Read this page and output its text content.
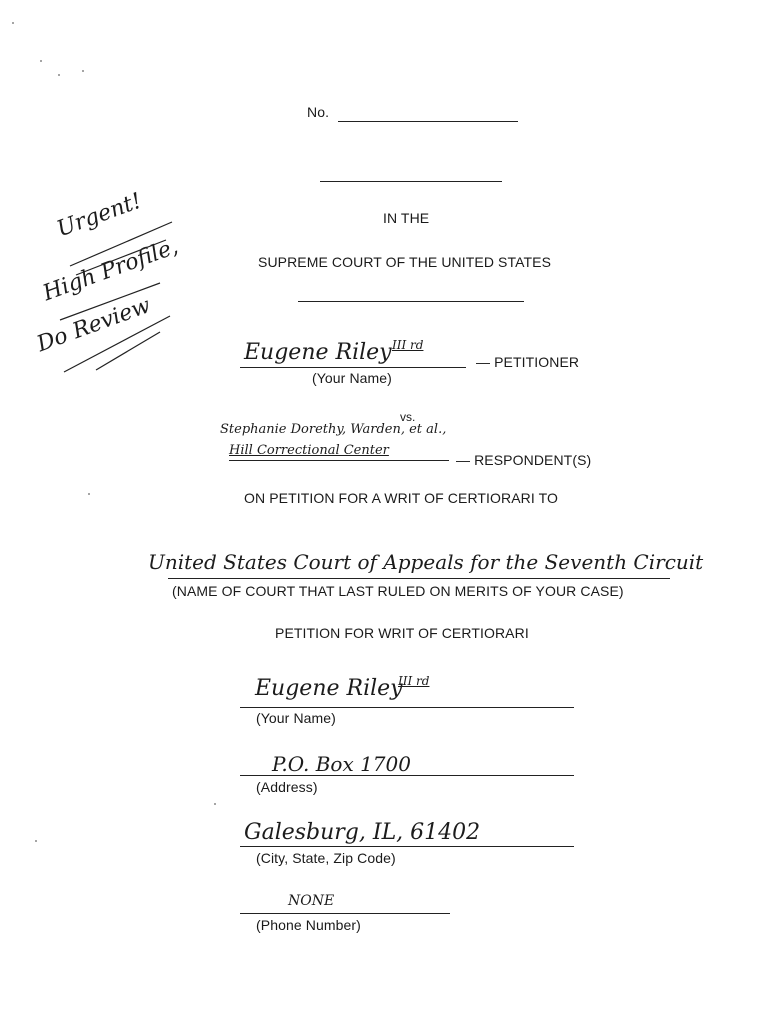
No.
IN THE
SUPREME COURT OF THE UNITED STATES
Urgent!
High Profile,
Do Review	Eugene Riley III rd
— PETITIONER
(Your Name)
vs.
Stephanie Dorethy, Warden, et al.,
Hill Correctional Center
— RESPONDENT(S)
ON PETITION FOR A WRIT OF CERTIORARI TO
United States Court of Appeals for the Seventh Circuit
(NAME OF COURT THAT LAST RULED ON MERITS OF YOUR CASE)
PETITION FOR WRIT OF CERTIORARI
Eugene Riley
III rd
(Your Name)
P.O. Box 1700
(Address)
Galesburg, IL, 61402
(City, State, Zip Code)
NONE
(Phone Number)
